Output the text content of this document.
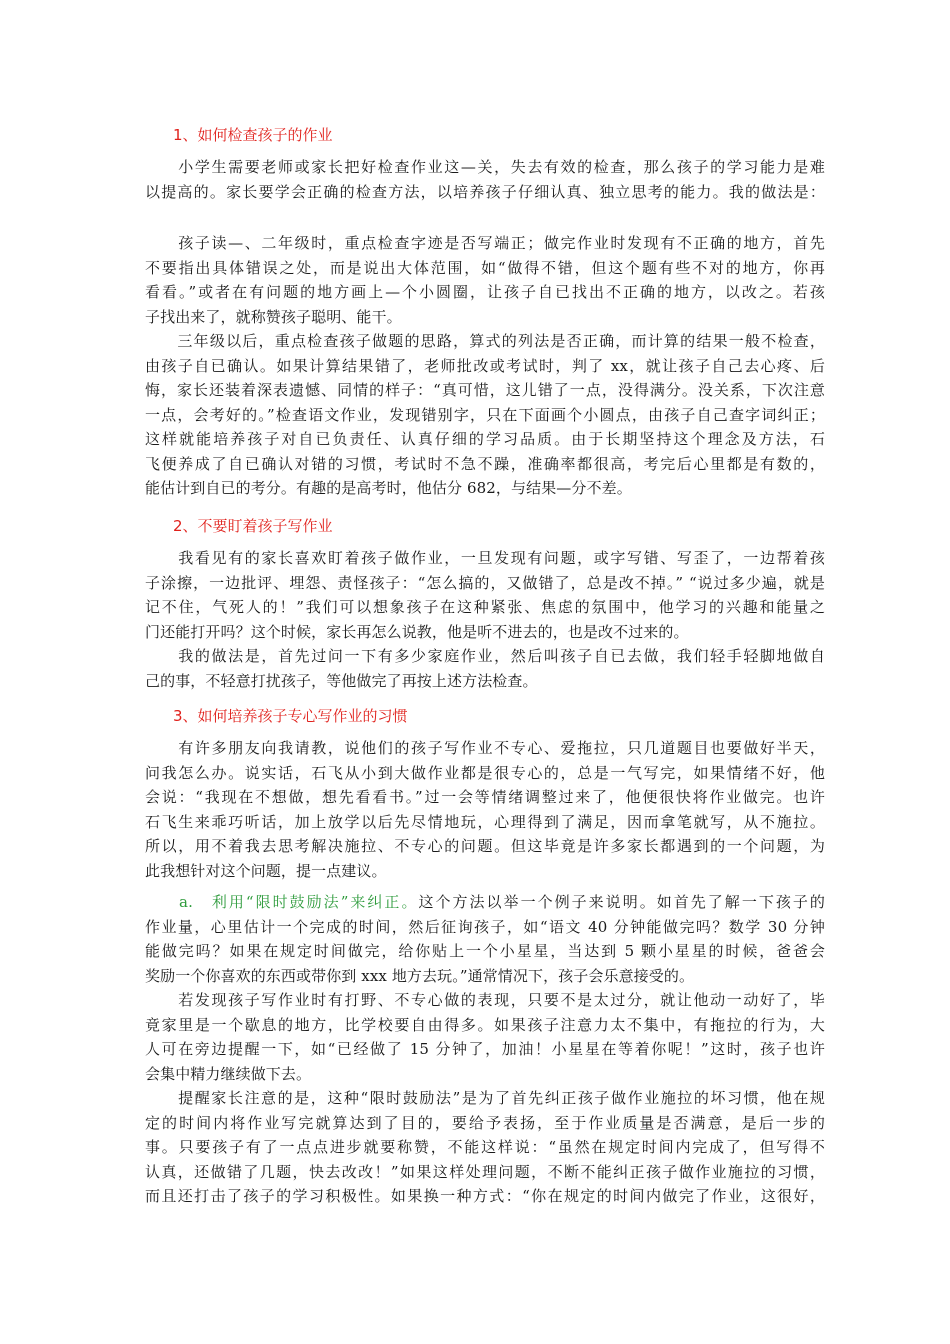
1、如何检查孩子的作业
　　小学生需要老师或家长把好检查作业这—关，失去有效的检查，那么孩子的学习能力是难
以提高的。家长要学会正确的检查方法，以培养孩子仔细认真、独立思考的能力。我的做法是：
　　孩子读—、二年级时，重点检查字迹是否写端正；做完作业时发现有不正确的地方，首先
不要指出具体错误之处，而是说出大体范围，如“做得不错，但这个题有些不对的地方，你再
看看。”或者在有问题的地方画上—个小圆圈，让孩子自已找出不正确的地方，以改之。若孩
子找出来了，就称赞孩子聪明、能干。
　　三年级以后，重点检查孩子做题的思路，算式的列法是否正确，而计算的结果一般不检查，
由孩子自已确认。如果计算结果错了，老师批改或考试时，判了 xx，就让孩子自己去心疼、后
悔，家长还装着深表遗憾、同情的样子：“真可惜，这儿错了一点，没得满分。没关系，下次注意
一点，会考好的。”检查语文作业，发现错别字，只在下面画个小圆点，由孩子自己查字词纠正；
这样就能培养孩子对自已负责任、认真仔细的学习品质。由于长期坚持这个理念及方法，石
飞便养成了自已确认对错的习惯，考试时不急不躁，准确率都很高，考完后心里都是有数的，
能估计到自已的考分。有趣的是高考时，他估分 682，与结果—分不差。
2、不要盯着孩子写作业
　　我看见有的家长喜欢盯着孩子做作业，一旦发现有问题，或字写错、写歪了，一边帮着孩
子涂擦，一边批评、埋怨、责怪孩子：“怎么搞的，又做错了，总是改不掉。” “说过多少遍，就是
记不住，气死人的！”我们可以想象孩子在这种紧张、焦虑的氛围中，他学习的兴趣和能量之
门还能打开吗？这个时候，家长再怎么说教，他是听不进去的，也是改不过来的。
　　我的做法是，首先过问一下有多少家庭作业，然后叫孩子自已去做，我们轻手轻脚地做自
己的事，不轻意打扰孩子，等他做完了再按上述方法检查。
3、如何培养孩子专心写作业的习惯
　　有许多朋友向我请教，说他们的孩子写作业不专心、爱拖拉，只几道题目也要做好半天，
问我怎么办。说实话，石飞从小到大做作业都是很专心的，总是一气写完，如果情绪不好，他
会说：“我现在不想做，想先看看书。”过一会等情绪调整过来了，他便很快将作业做完。也许
石飞生来乖巧听话，加上放学以后先尽情地玩，心理得到了满足，因而拿笔就写，从不施拉。
所以，用不着我去思考解决施拉、不专心的问题。但这毕竟是许多家长都遇到的一个问题，为
此我想针对这个问题，提一点建议。
　　a.　利用“限时鼓励法”来纠正。这个方法以举一个例子来说明。如首先了解一下孩子的
作业量，心里估计一个完成的时间，然后征询孩子，如“语文 40 分钟能做完吗？数学 30 分钟
能做完吗？如果在规定时间做完，给你贴上一个小星星，当达到 5 颗小星星的时候，爸爸会
奖励一个你喜欢的东西或带你到 xxx 地方去玩。”通常情况下，孩子会乐意接受的。
　　若发现孩子写作业时有打野、不专心做的表现，只要不是太过分，就让他动一动好了，毕
竟家里是一个歇息的地方，比学校要自由得多。如果孩子注意力太不集中，有拖拉的行为，大
人可在旁边提醒一下，如“已经做了 15 分钟了，加油！小星星在等着你呢！”这时，孩子也许
会集中精力继续做下去。
　　提醒家长注意的是，这种“限时鼓励法”是为了首先纠正孩子做作业施拉的坏习惯，他在规
定的时间内将作业写完就算达到了目的，要给予表扬，至于作业质量是否满意，是后一步的
事。只要孩子有了一点点进步就要称赞，不能这样说：“虽然在规定时间内完成了，但写得不
认真，还做错了几题，快去改改！”如果这样处理问题，不断不能纠正孩子做作业施拉的习惯，
而且还打击了孩子的学习积极性。如果换一种方式：“你在规定的时间内做完了作业，这很好，
